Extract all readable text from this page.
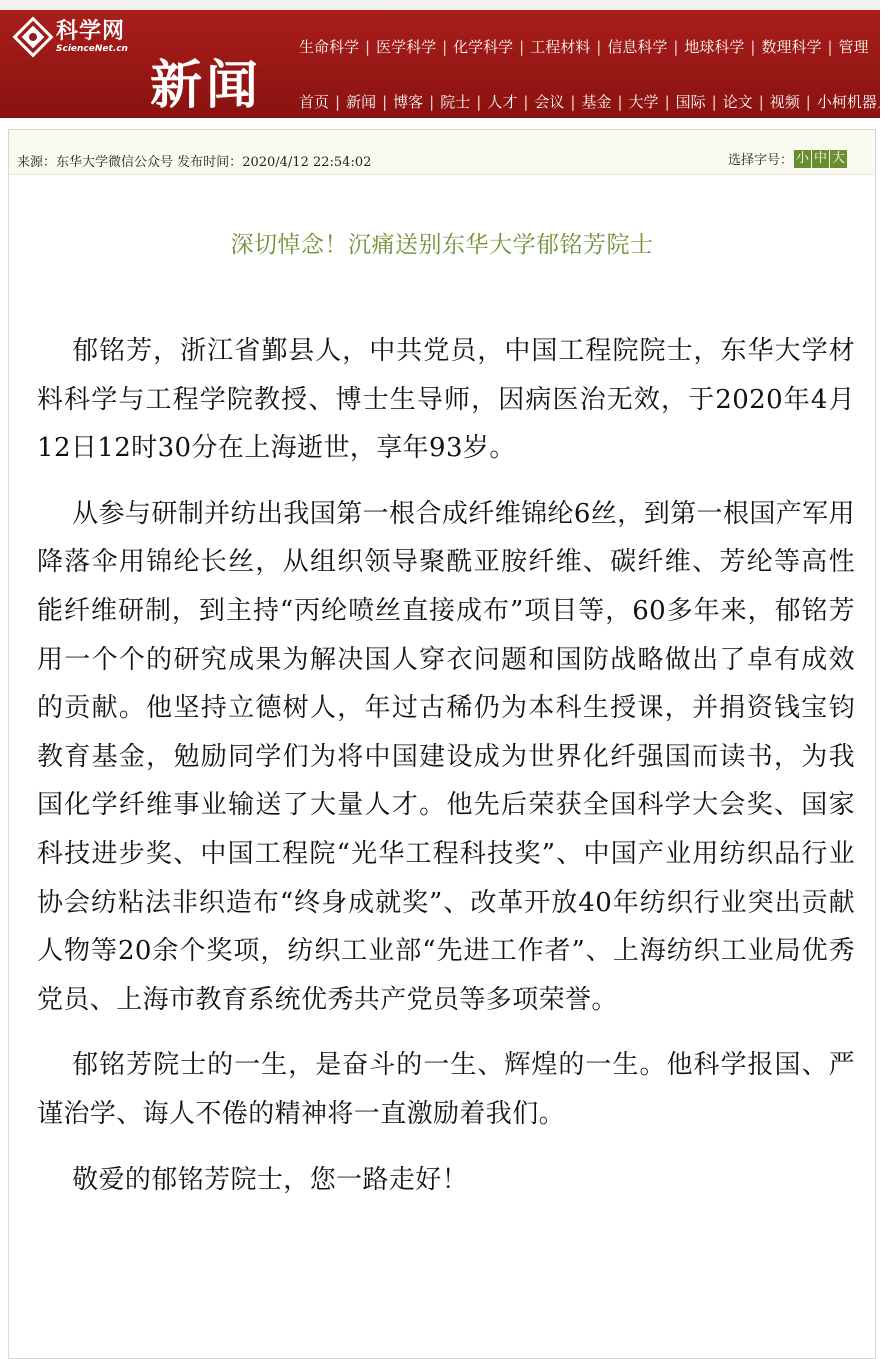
科学网
ScienceNet.cn
新闻
生命科学 | 医学科学 | 化学科学 | 工程材料 | 信息科学 | 地球科学 | 数理科学 | 管理
首页 | 新闻 | 博客 | 院士 | 人才 | 会议 | 基金 | 大学 | 国际 | 论文 | 视频 | 小柯机器人
来源：东华大学微信公众号 发布时间：2020/4/12 22:54:02	选择字号： 小 中 大
深切悼念！沉痛送别东华大学郁铭芳院士

郁铭芳，浙江省鄞县人，中共党员，中国工程院院士，东华大学材料科学与工程学院教授、博士生导师，因病医治无效，于2020年4月12日12时30分在上海逝世，享年93岁。

从参与研制并纺出我国第一根合成纤维锦纶6丝，到第一根国产军用降落伞用锦纶长丝，从组织领导聚酰亚胺纤维、碳纤维、芳纶等高性能纤维研制，到主持“丙纶喷丝直接成布”项目等，60多年来，郁铭芳用一个个的研究成果为解决国人穿衣问题和国防战略做出了卓有成效的贡献。他坚持立德树人，年过古稀仍为本科生授课，并捐资钱宝钧教育基金，勉励同学们为将中国建设成为世界化纤强国而读书，为我国化学纤维事业输送了大量人才。他先后荣获全国科学大会奖、国家科技进步奖、中国工程院“光华工程科技奖”、中国产业用纺织品行业协会纺粘法非织造布“终身成就奖”、改革开放40年纺织行业突出贡献人物等20余个奖项，纺织工业部“先进工作者”、上海纺织工业局优秀党员、上海市教育系统优秀共产党员等多项荣誉。

郁铭芳院士的一生，是奋斗的一生、辉煌的一生。他科学报国、严谨治学、诲人不倦的精神将一直激励着我们。

敬爱的郁铭芳院士，您一路走好！
